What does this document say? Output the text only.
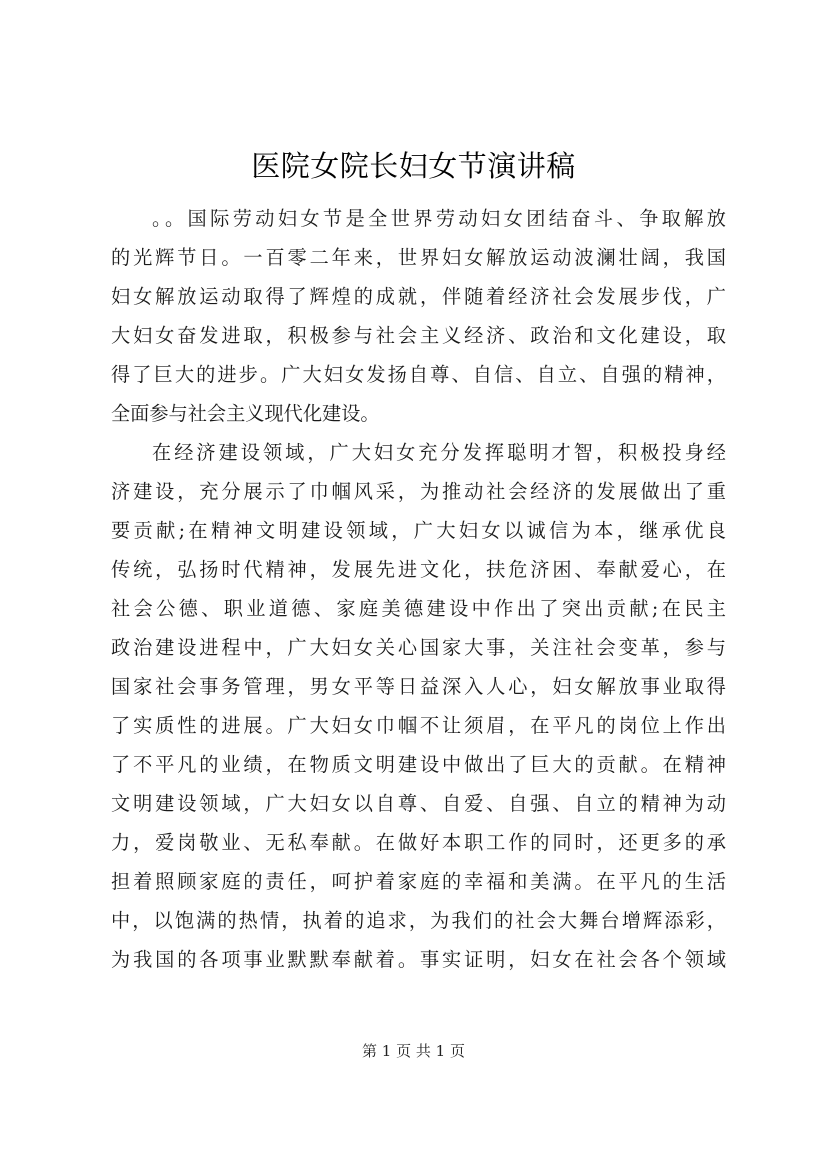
医院女院长妇女节演讲稿
。。国际劳动妇女节是全世界劳动妇女团结奋斗、争取解放
的光辉节日。一百零二年来，世界妇女解放运动波澜壮阔，我国
妇女解放运动取得了辉煌的成就，伴随着经济社会发展步伐，广
大妇女奋发进取，积极参与社会主义经济、政治和文化建设，取
得了巨大的进步。广大妇女发扬自尊、自信、自立、自强的精神，
全面参与社会主义现代化建设。
在经济建设领域，广大妇女充分发挥聪明才智，积极投身经
济建设，充分展示了巾帼风采，为推动社会经济的发展做出了重
要贡献;在精神文明建设领域，广大妇女以诚信为本，继承优良
传统，弘扬时代精神，发展先进文化，扶危济困、奉献爱心，在
社会公德、职业道德、家庭美德建设中作出了突出贡献;在民主
政治建设进程中，广大妇女关心国家大事，关注社会变革，参与
国家社会事务管理，男女平等日益深入人心，妇女解放事业取得
了实质性的进展。广大妇女巾帼不让须眉，在平凡的岗位上作出
了不平凡的业绩，在物质文明建设中做出了巨大的贡献。在精神
文明建设领域，广大妇女以自尊、自爱、自强、自立的精神为动
力，爱岗敬业、无私奉献。在做好本职工作的同时，还更多的承
担着照顾家庭的责任，呵护着家庭的幸福和美满。在平凡的生活
中，以饱满的热情，执着的追求，为我们的社会大舞台增辉添彩，
为我国的各项事业默默奉献着。事实证明，妇女在社会各个领域
第 1 页 共 1 页
